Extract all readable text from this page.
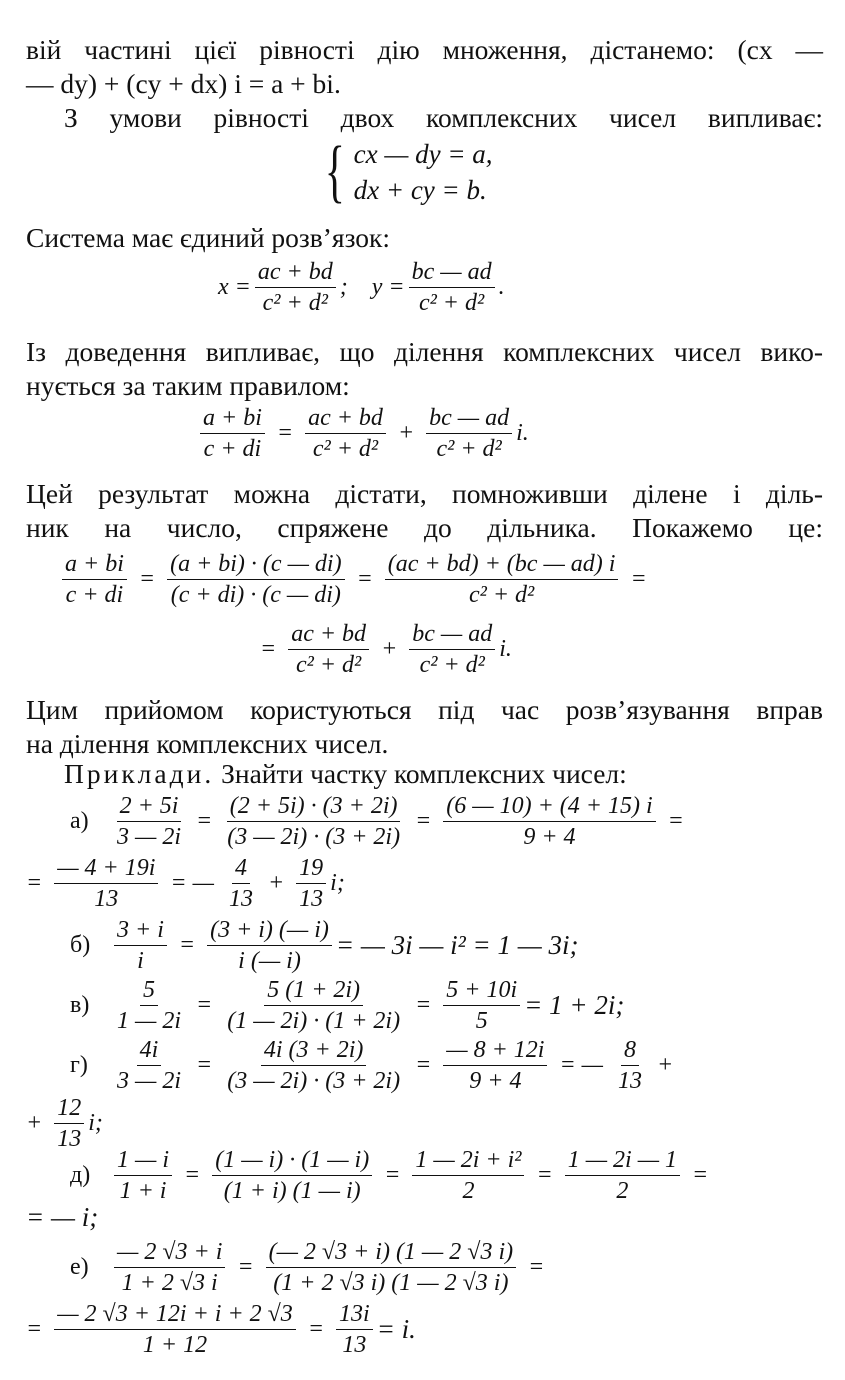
вій частині цієї рівності дію множення, дістанемо: (cx —
— dy) + (cy + dx) i = a + bi.
З умови рівності двох комплексних чисел випливає:
{ cx — dy = a,
dx + cy = b.
Система має єдиний розв’язок:
$x = \frac{ac + bd}{\text{c² + d²}}$ ; $y = \frac{bc — ad}{\text{c² + d²}}$ .
Із доведення випливає, що ділення комплексних чисел вико-
нується за таким правилом:
$\frac{a + bi}{c + di} = \frac{ac + bd}{\text{c² + d²}} + \frac{bc — ad}{\text{c² + d²}} i$.
Цей результат можна дістати, помноживши ділене і діль-
ник на число, спряжене до дільника. Покажемо це:
$\frac{a + bi}{c + di} = \frac{(a + bi) \cdot (c — di)}{(c + di) \cdot (c — di)} = \frac{(ac + bd) + (bc — ad) i}{\text{c² + d²}}$ =
= $\frac{ac + bd}{\text{c² + d²}} + \frac{bc — ad}{\text{c² + d²}} i$.
Цим прийомом користуються під час розв’язування вправ
на ділення комплексних чисел.
Приклади. Знайти частку комплексних чисел:
а)	$\frac{2 + 5i}{3 — 2i} = \frac{(2 + 5i) \cdot (3 + 2i)}{(3 — 2i) \cdot (3 + 2i)} = \frac{(6 — 10) + (4 + 15) i}{9 + 4}$ =
= $\frac{— 4 + 19i}{13}$ = — $\frac{4}{13} + \frac{19}{13} i$;
$б) \frac{3 + i}{i} = \frac{(3 + i) (— i)}{i (— i)}$ = — 3i — i² = 1 — 3i;
в)	$\frac{5}{1 — 2i} = \frac{5 (1 + 2i)}{(1 — 2i) \cdot (1 + 2i)} = \frac{5 + 10i}{5} = 1 + 2i$;
г)	$\frac{4i}{3 — 2i} = \frac{4i (3 + 2i)}{(3 — 2i) \cdot (3 + 2i)} = \frac{— 8 + 12i}{9 + 4}$ = — $\frac{8}{13}$ +
+ $\frac{12}{13} i$;
$д) \frac{1 — i}{1 + i} = \frac{(1 — i) \cdot (1 — i)}{(1 + i) (1 — i)} = \frac{\text{1 — 2i + i²}}{2} = \frac{1 — 2i — 1}{2}$ =
= — i;
е)	$\frac{— 2 √3 + i}{1 + 2 √3 i} = \frac{(— 2 √3 + i) (1 — 2 √3 i)}{(1 + 2 √3 i) (1 — 2 √3 i)}$ =
= $\frac{— 2 √3 + 12i + i + 2 √3}{1 + 12} = \frac{13i}{13} = i$.
